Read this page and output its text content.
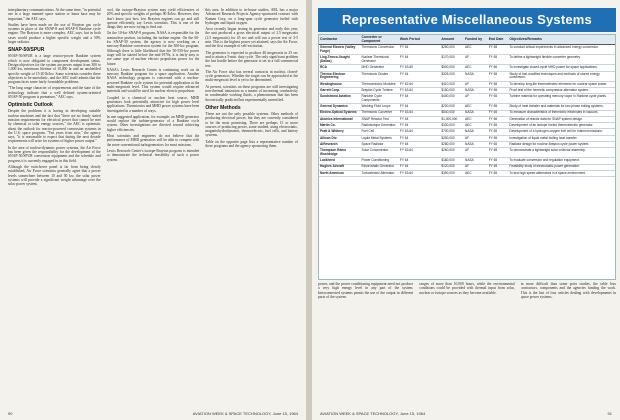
interplanetary communications. At the same time, "in potential use in a large manned space station or lunar base may be important," the AEC says.

Studies have been made on the use of Brayton gas cycle systems in place of the SNAP-8 and SNAP-8 Rankine cycle engine. The Brayton is more complex, AEC says, but in both cases would produce a higher specific weight and a 50% larger radiator.

SNAP-50/SPUR

SNAP-50/SPUR is a large reactor-power Rankine system which is now obligated to component development status. Design objectives for the system are power output from 300 to 1,000 kw, minimum lifetime of 10,000 hr and an unshielded specific weight of 15-20 lb/kw. Some scientists consider these objectives to be unrealistic, and the AEC itself admits that the program faces some fairly formidable problems.

"The long range character of requirements and the state of the technology indicate that a well defined system-oriented SNAP-50 program is premature," AEC says.

Optimistic Outlook

Despite the problems it is having in developing suitable nuclear machines and the fact that "there are no firmly stated mission requirements for electrical power that cannot be met by chemical or solar energy sources," the AEC is optimistic about the outlook for reactor-powered conversion systems in the U.S. space program. "Ten years from now," the agency says, "it is reasonable to expect that during the next decade requirements will arise for systems of higher power output."

In the area of nuclear-dynamic power systems, the Air Force has been given the responsibility for the development of the SNAP-50/SPUR conversion equipment and the schedule and progress it is currently engaged in in this field.

Although the switchover panel is far from being clearly established, Air Force scientists generally agree that a power levels somewhere between 10 and 50 kw, the solar power systems will provide a significant weight advantage over the solar power system.

roof, the isotope-Brayton system may yield efficiencies of 20% and specific weights of perhaps 90 lb/kw. However, they don't know just how low Brayton engines can go and still operate efficiently, say Lewis scientists. This is one of the things they are now trying to find out.

On the 10-kw SNAP-8 program, NASA is responsible for the nonnuclear portion, including the turbine engine. On the 60-kw SNAP-50 system, the agency is now working on a mercury-Rankine conversion system for the 300-kw program. Although there is little likelihood that the 50-550-kw power stage will be started before the mid-1970s, it is fairly easy to use some type of nuclear electric propulsion power for the future.

NASA's Lewis Research Center is continuing work on its mercury Rankine program for a space application. Another NASA technology program is concerned with a nuclear-powered Rankine cycle system for potential application at the multi-megawatt level. This system would require advanced materials and would be used for nuclear electric propulsion.

Coupled to a chemical or nuclear heat source, MHD generators look potentially attractive for high power level applications. Thermionics and MHD power systems have been investigated in a number of ways.

In one suggested application, for example, an MHD generator would replace the turbine-generator of a Rankine cycle system. Other investigations are directed toward achieving higher efficiencies.

Most scientists and engineers do not believe that the performance of MHD generators will be able to compete with the more conventional turbogenerators for most missions.

Lewis Research Center's isotope-Brayton program is intended to demonstrate the technical feasibility of such a power system.

this area. In addition to in-house studies, ARL has a major Advanced Research Projects Agency-sponsored contract with Kaman Corp. on a long-span cycle generator fueled with hydrogen and liquid oxygen.

Avco recently began testing its generator and early this year, the unit produced a gross electrical output of 2.5 megawatts (2.5 megawatts) for 45 sec and will run a power test of 3-5 min. This is the highest power yet attained, says the Air Force, and the first example of self-excitation.

The generator is expected to produce 40 megawatts in 25 sec and to attain a 5-min. duty cycle. The only significant problem the last hurdle before the generator is set in a full commercial test.

The Air Force also has several contracts in nuclear, closed-cycle generators. Whether the target can be approached at the multi-megawatt level is yet to be determined.

At present, scientists on these programs are still investigating non-thermal ionization as a means of increasing conductivity in condensable working fluids, a phenomenon that has been theoretically predicted but experimentally unverified.

Other Methods

These are not the only possible systems. Other methods of producing electrical power, but they are currently considered to be the most promising. There are perhaps 15 or more sources of producing power, some studied, using electrostatic, magnetohydrodynamic, thermoelectric, fuel cells, and battery systems.

Table on the opposite page lists a representative number of these programs and the agency sponsoring them.

90	AVIATION WEEK & SPACE TECHNOLOGY, June 15, 1964
Representative Miscellaneous Systems
Contractor	Converter or Component	Work Period	Amount	Funded by	End Date	Objectives/Remarks
General Electric (Valley Forge)	Thermionic Conversion	FY 64	$250,000	AEC	FY 65	To conduct critical experiments in advanced energy conversion.
Ling-Temco-Vought (Dallas)	Nuclear Thermionic Generator	FY 64	$170,000	AF	FY 65	To define a lightweight flexible converter geometry.
RCA	MHD Generator	FY 63-65	$500,000	AEC	FY 66	To investigate closed-cycle MHD power for space applications.
Thermo Electron Engineering	Thermionic Diodes	FY 64	$325,000	NASA	FY 65	Study of fuel-modified techniques and methods of stored energy conversion.
Westinghouse	Thermoelectric Modules	FY 62-64	$410,000	AF	FY 65	To develop long-life thermoelectric elements for nuclear space power.
Garrett Corp.	Brayton Cycle Turbine	FY 63-64	$150,000	NASA	FY 65	Proof test of the hermetic compressor-alternator system.
Sundstrand Aviation	Rankine Cycle Components	FY 64	$400,000	AF	FY 65	Turbine material for operating mercury vapor in Rankine cycle plants.
General Dynamics	Working Fluid Loops	FY 64	$200,000	AEC	FY 65	Study of heat transfer and materials for two-phase boiling systems.
Electro-Optical Systems	Thermionic Converter	FY 63-64	$540,000	NASA	FY 65	To measure characteristics of thermionic electrodes in vacuum.
Atomics International	SNAP Reactor Test	FY 64	$1,000,000	AEC	FY 66	Generation of reactor data for SNAP system design.
Martin Co.	Radioisotope Generator	FY 64	$330,000	AEC	FY 65	Development of an isotope-fueled thermoelectric generator.
Pratt & Whitney	Fuel Cell	FY 63-64	$700,000	NASA	FY 65	Development of a hydrogen-oxygen fuel cell for manned missions.
Allison Div.	Liquid Metal Systems	FY 64	$250,000	AF	FY 65	Investigation of liquid metal boiling heat transfer.
AiResearch	Space Radiator	FY 64	$280,000	NASA	FY 65	Radiator design for nuclear Brayton cycle power system.
Thompson Ramo Wooldridge	Solar Concentrator	FY 63-64	$260,000	AF	FY 65	To demonstrate a lightweight solar collector assembly.
Lockheed	Power Conditioning	FY 64	$180,000	NASA	FY 65	To evaluate conversion and regulation equipment.
Hughes Aircraft	Electrostatic Generator	FY 64	$120,000	AF	FY 65	Feasibility study of electrostatic power generation.
North American	Turboelectric Alternator	FY 63-64	$350,000	AEC	FY 65	To test high speed alternators in a space environment.

power, and the power conditioning equipment need not produce a very high energy level in any part of the system. Interconnected systems permit the use of the output in different parts of the system.

ranges of more than 10,000 hours, while the environmental conditions could be provided with thermal input from solar, nuclear or isotope sources as they become available.

in more difficult than some prior studies, the table lists contractors, components and the agencies funding the work. This is the last of four articles dealing with developments in space power systems.

AVIATION WEEK & SPACE TECHNOLOGY, June 15, 1964	91
